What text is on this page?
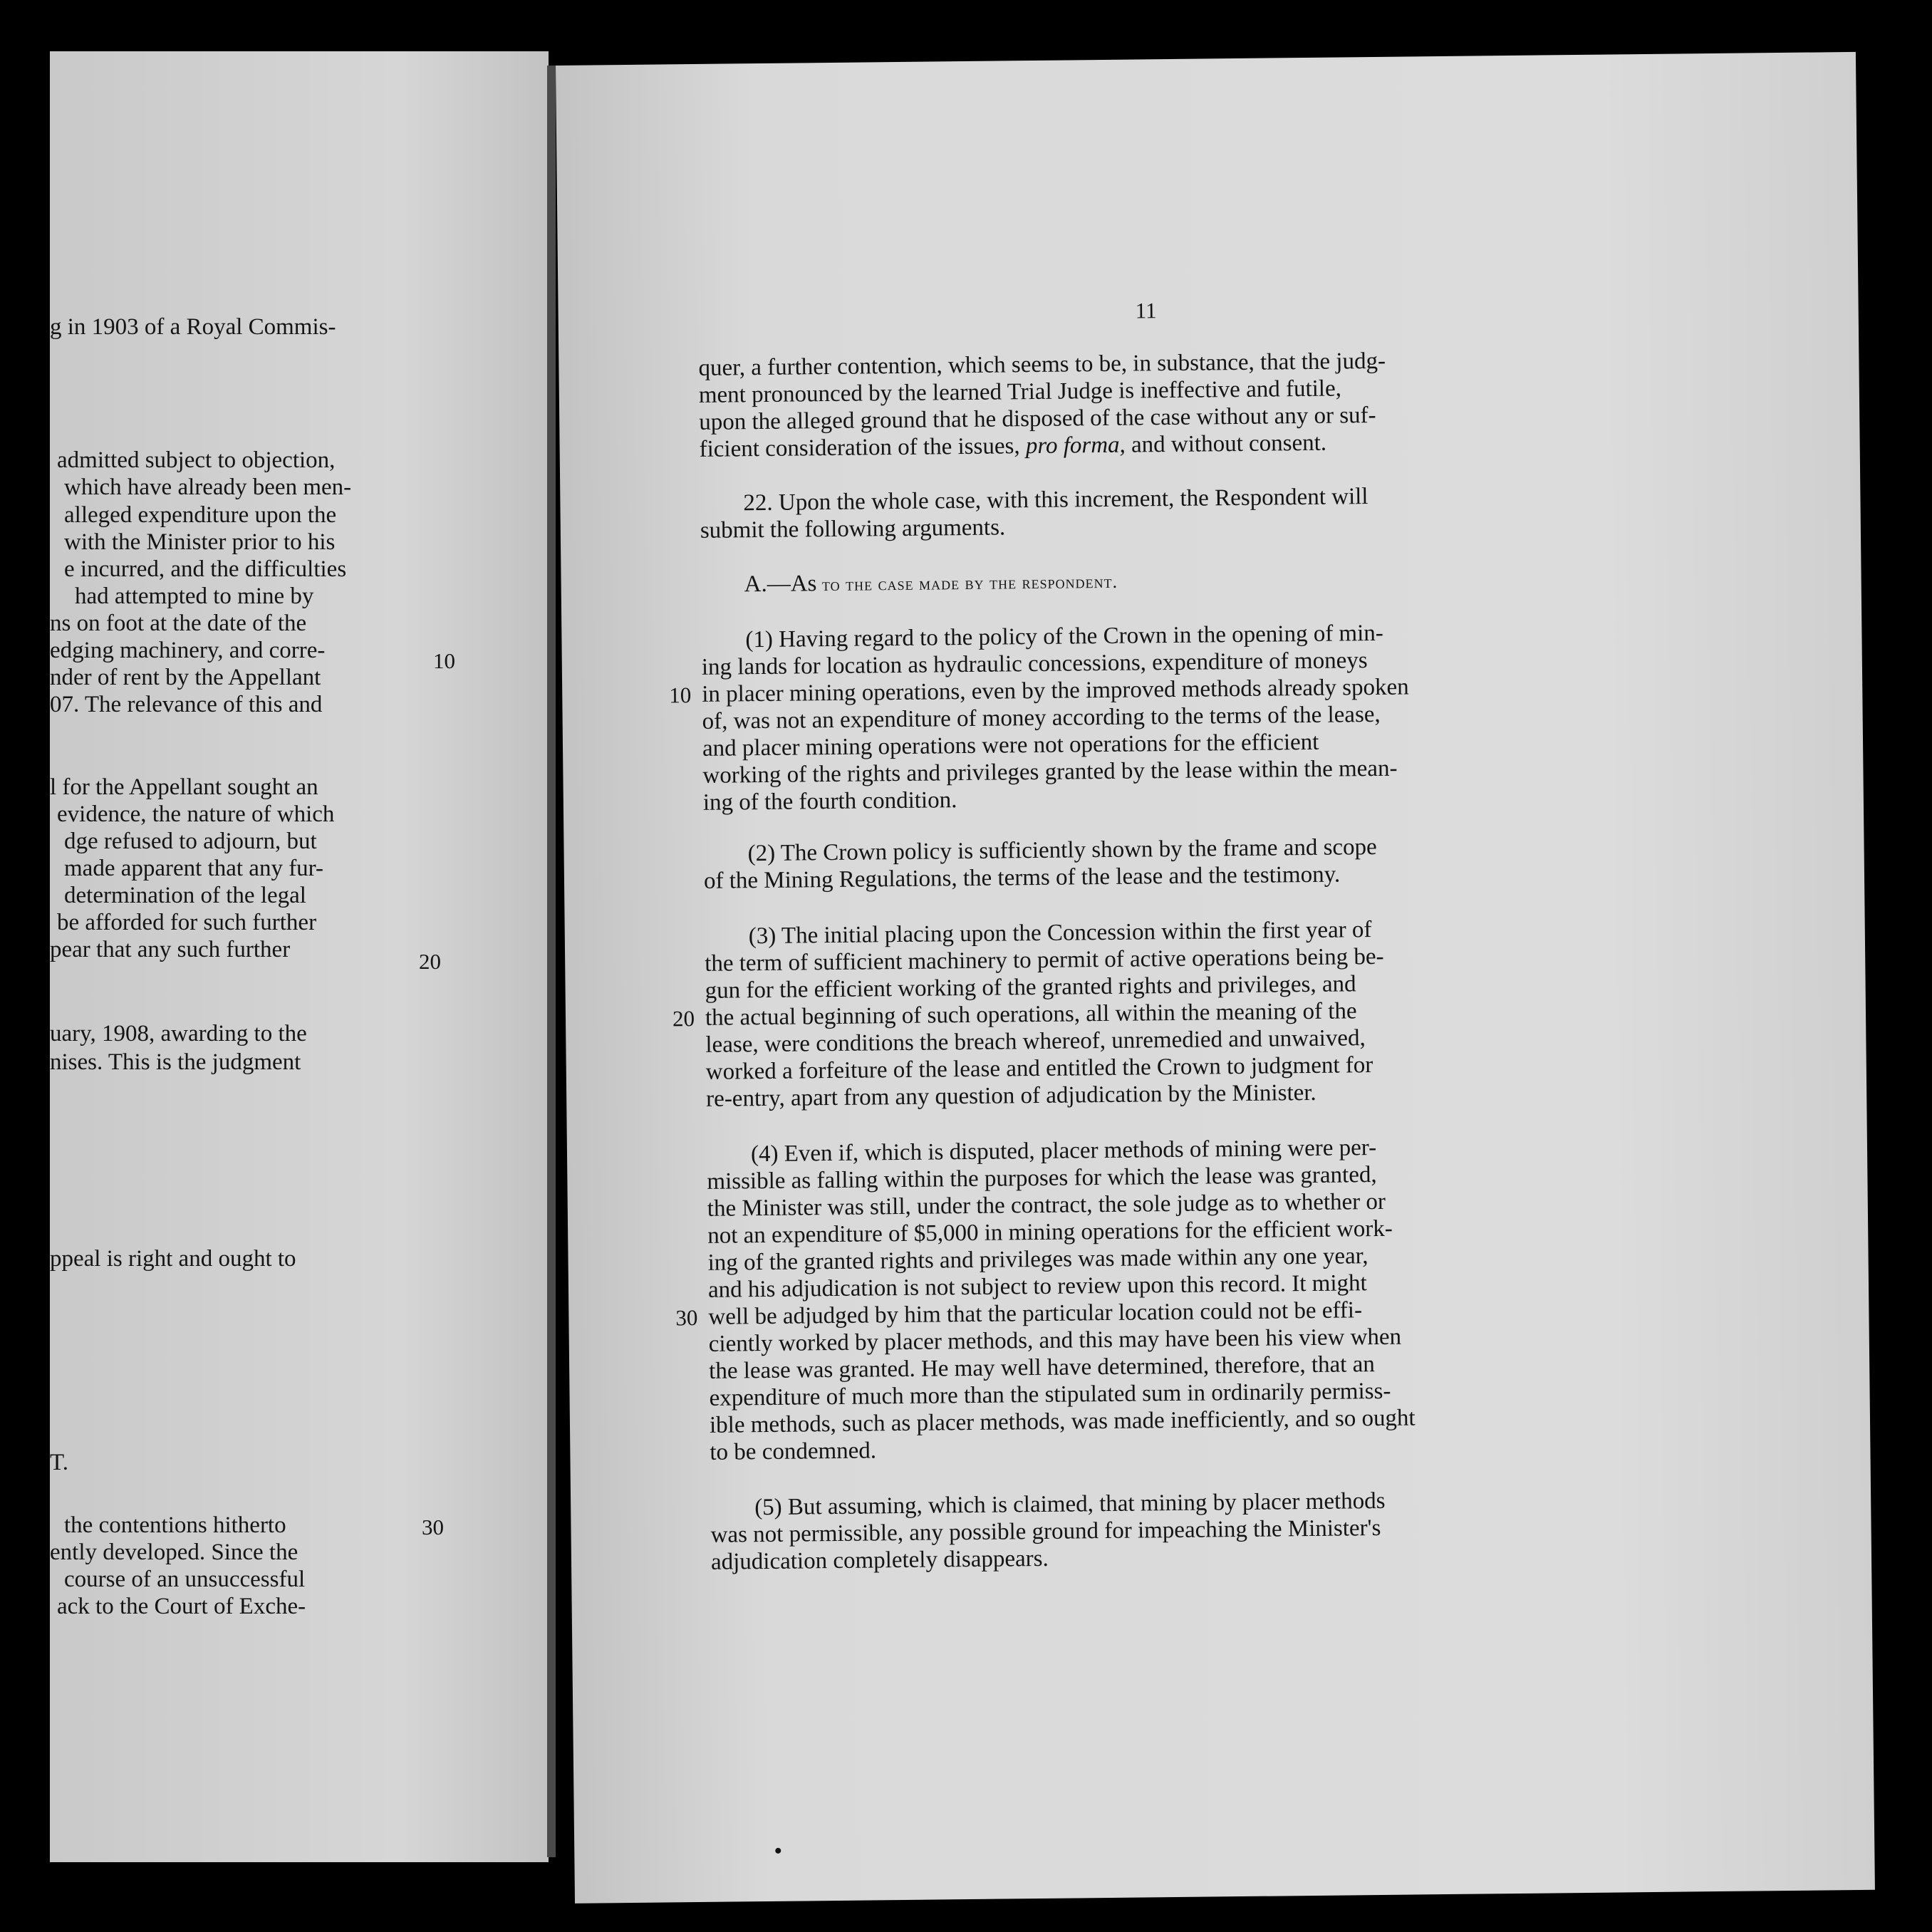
g in 1903 of a Royal Commis-
admitted subject to objection,
which have already been men-
alleged expenditure upon the
with the Minister prior to his
e incurred, and the difficulties
had attempted to mine by
ns on foot at the date of the
edging machinery, and corre-
nder of rent by the Appellant
07. The relevance of this and
l for the Appellant sought an
evidence, the nature of which
dge refused to adjourn, but
made apparent that any fur-
determination of the legal
be afforded for such further
pear that any such further
uary, 1908, awarding to the
nises. This is the judgment
ppeal is right and ought to
T.
the contentions hitherto
ently developed. Since the
course of an unsuccessful
ack to the Court of Exche-
10
20
30
11
quer, a further contention, which seems to be, in substance, that the judg-
ment pronounced by the learned Trial Judge is ineffective and futile,
upon the alleged ground that he disposed of the case without any or suf-
ficient consideration of the issues, pro forma, and without consent.
22. Upon the whole case, with this increment, the Respondent will
submit the following arguments.
A.—As to the case made by the respondent.
(1) Having regard to the policy of the Crown in the opening of min-
ing lands for location as hydraulic concessions, expenditure of moneys
10 in placer mining operations, even by the improved methods already spoken
of, was not an expenditure of money according to the terms of the lease,
and placer mining operations were not operations for the efficient
working of the rights and privileges granted by the lease within the mean-
ing of the fourth condition.
(2) The Crown policy is sufficiently shown by the frame and scope
of the Mining Regulations, the terms of the lease and the testimony.
(3) The initial placing upon the Concession within the first year of
the term of sufficient machinery to permit of active operations being be-
gun for the efficient working of the granted rights and privileges, and
20 the actual beginning of such operations, all within the meaning of the
lease, were conditions the breach whereof, unremedied and unwaived,
worked a forfeiture of the lease and entitled the Crown to judgment for
re-entry, apart from any question of adjudication by the Minister.
(4) Even if, which is disputed, placer methods of mining were per-
missible as falling within the purposes for which the lease was granted,
the Minister was still, under the contract, the sole judge as to whether or
not an expenditure of $5,000 in mining operations for the efficient work-
ing of the granted rights and privileges was made within any one year,
and his adjudication is not subject to review upon this record. It might
30 well be adjudged by him that the particular location could not be effi-
ciently worked by placer methods, and this may have been his view when
the lease was granted. He may well have determined, therefore, that an
expenditure of much more than the stipulated sum in ordinarily permiss-
ible methods, such as placer methods, was made inefficiently, and so ought
to be condemned.
(5) But assuming, which is claimed, that mining by placer methods
was not permissible, any possible ground for impeaching the Minister's
adjudication completely disappears.
